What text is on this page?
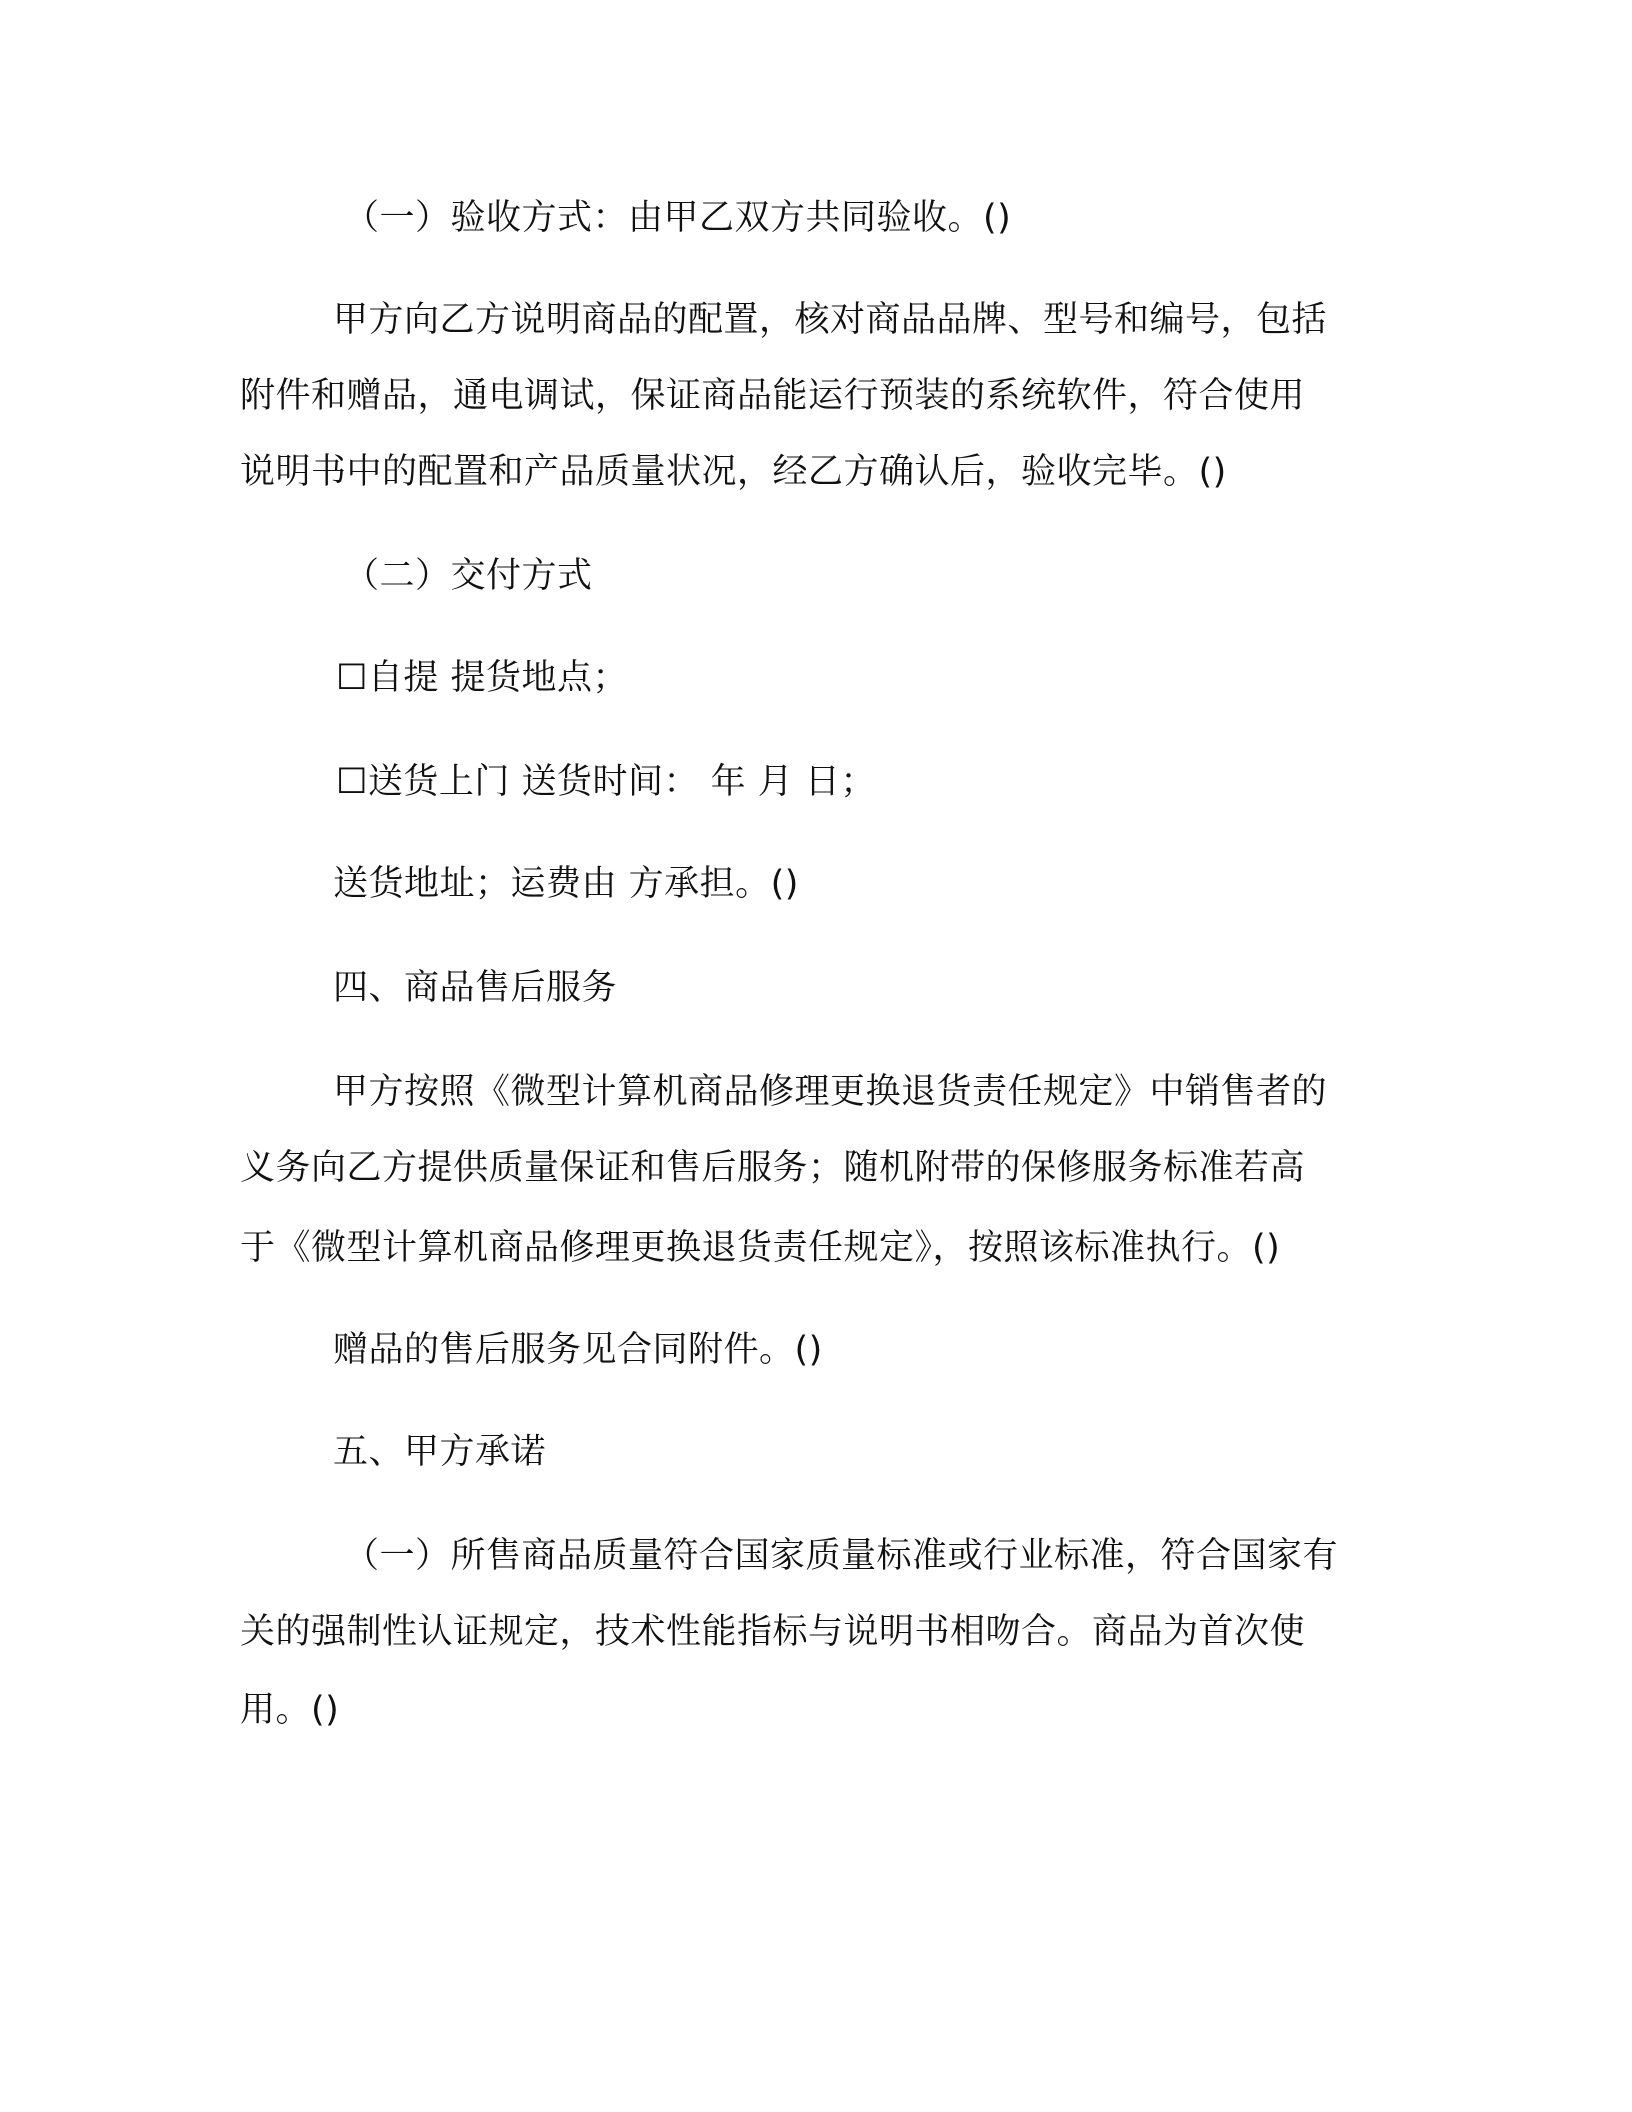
（一）验收方式：由甲乙双方共同验收。()
甲方向乙方说明商品的配置，核对商品品牌、型号和编号，包括
附件和赠品，通电调试，保证商品能运行预装的系统软件，符合使用
说明书中的配置和产品质量状况，经乙方确认后，验收完毕。()
（二）交付方式
☐自提 提货地点；
☐送货上门 送货时间： 年 月 日；
送货地址；运费由 方承担。()
四、商品售后服务
甲方按照《微型计算机商品修理更换退货责任规定》中销售者的
义务向乙方提供质量保证和售后服务；随机附带的保修服务标准若高
于《微型计算机商品修理更换退货责任规定》，按照该标准执行。()
赠品的售后服务见合同附件。()
五、甲方承诺
（一）所售商品质量符合国家质量标准或行业标准，符合国家有
关的强制性认证规定，技术性能指标与说明书相吻合。商品为首次使
用。()
